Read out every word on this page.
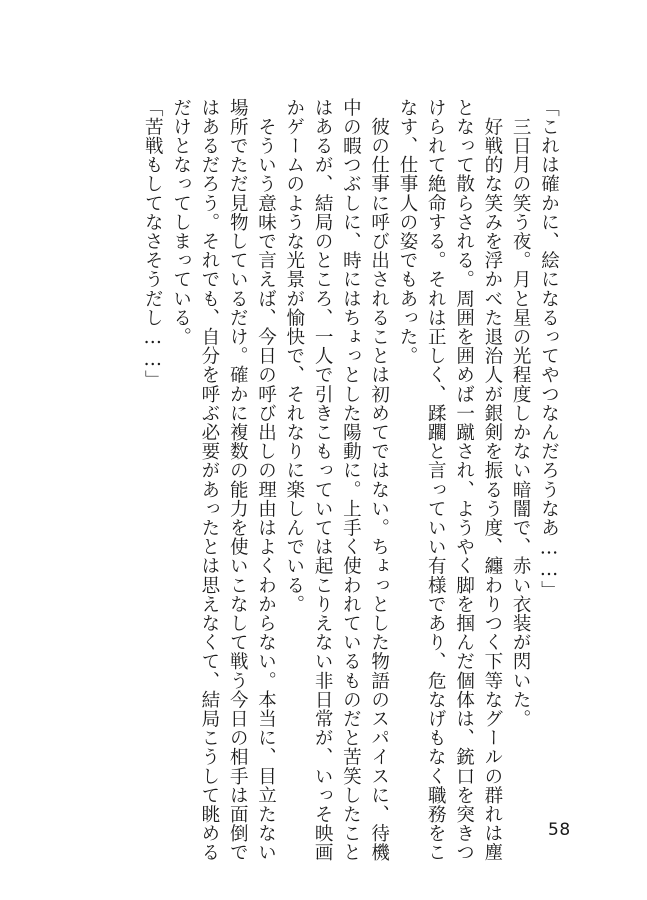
「これは確かに、絵になるってやつなんだろうなあ……」
　三日月の笑う夜。月と星の光程度しかない暗闇で、赤い衣装が閃いた。
　好戦的な笑みを浮かべた退治人が銀剣を振るう度、纏わりつく下等なグールの群れは塵
となって散らされる。周囲を囲めば一蹴され、ようやく脚を掴んだ個体は、銃口を突きつ
けられて絶命する。それは正しく、蹂躙と言っていい有様であり、危なげもなく職務をこ
なす、仕事人の姿でもあった。
　彼の仕事に呼び出されることは初めてではない。ちょっとした物語のスパイスに、待機
中の暇つぶしに、時にはちょっとした陽動に。上手く使われているものだと苦笑したこと
はあるが、結局のところ、一人で引きこもっていては起こりえない非日常が、いっそ映画
かゲームのような光景が愉快で、それなりに楽しんでいる。
　そういう意味で言えば、今日の呼び出しの理由はよくわからない。本当に、目立たない
場所でただ見物しているだけ。確かに複数の能力を使いこなして戦う今日の相手は面倒で
はあるだろう。それでも、自分を呼ぶ必要があったとは思えなくて、結局こうして眺める
だけとなってしまっている。
「苦戦もしてなさそうだし……」
58
